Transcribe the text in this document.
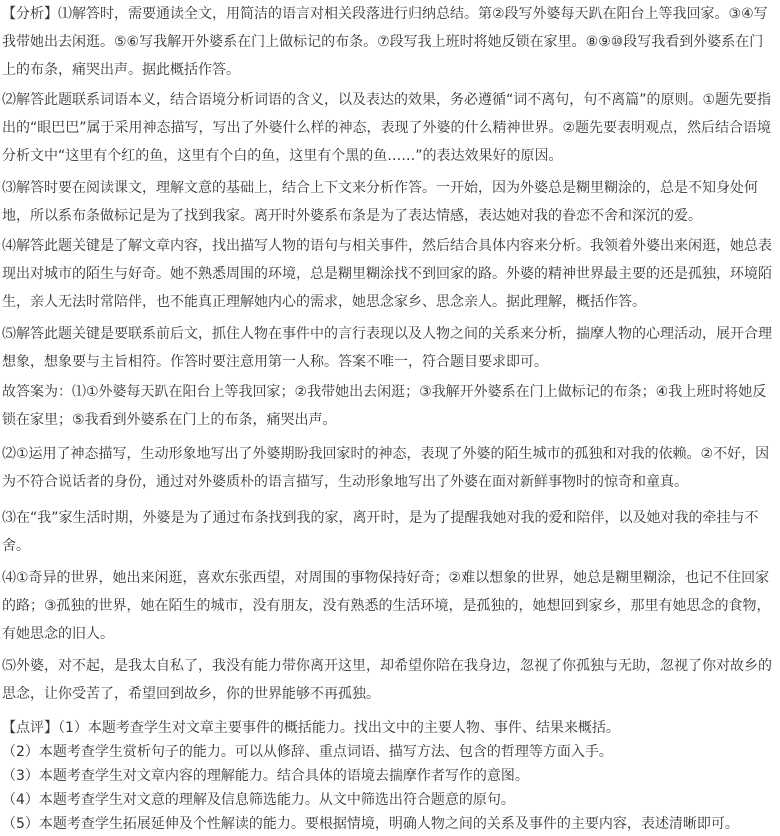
【分析】⑴解答时，需要通读全文，用简洁的语言对相关段落进行归纳总结。第②段写外婆每天趴在阳台上等我回家。③④写我带她出去闲逛。⑤⑥写我解开外婆系在门上做标记的布条。⑦段写我上班时将她反锁在家里。⑧⑨⑩段写我看到外婆系在门上的布条，痛哭出声。据此概括作答。

⑵解答此题联系词语本义，结合语境分析词语的含义，以及表达的效果，务必遵循“词不离句，句不离篇”的原则。①题先要指出的“眼巴巴”属于采用神态描写，写出了外婆什么样的神态，表现了外婆的什么精神世界。②题先要表明观点，然后结合语境分析文中“这里有个红的鱼，这里有个白的鱼，这里有个黑的鱼……”的表达效果好的原因。

⑶解答时要在阅读课文，理解文意的基础上，结合上下文来分析作答。一开始，因为外婆总是糊里糊涂的，总是不知身处何地，所以系布条做标记是为了找到我家。离开时外婆系布条是为了表达情感，表达她对我的眷恋不舍和深沉的爱。

⑷解答此题关键是了解文章内容，找出描写人物的语句与相关事件，然后结合具体内容来分析。我领着外婆出来闲逛，她总表现出对城市的陌生与好奇。她不熟悉周围的环境，总是糊里糊涂找不到回家的路。外婆的精神世界最主要的还是孤独，环境陌生，亲人无法时常陪伴，也不能真正理解她内心的需求，她思念家乡、思念亲人。据此理解，概括作答。

⑸解答此题关键是要联系前后文，抓住人物在事件中的言行表现以及人物之间的关系来分析，揣摩人物的心理活动，展开合理想象，想象要与主旨相符。作答时要注意用第一人称。答案不唯一，符合题目要求即可。

故答案为：⑴①外婆每天趴在阳台上等我回家；②我带她出去闲逛；③我解开外婆系在门上做标记的布条；④我上班时将她反锁在家里；⑤我看到外婆系在门上的布条，痛哭出声。

⑵①运用了神态描写，生动形象地写出了外婆期盼我回家时的神态，表现了外婆的陌生城市的孤独和对我的依赖。②不好，因为不符合说话者的身份，通过对外婆质朴的语言描写，生动形象地写出了外婆在面对新鲜事物时的惊奇和童真。

⑶在“我”家生活时期，外婆是为了通过布条找到我的家，离开时，是为了提醒我她对我的爱和陪伴，以及她对我的牵挂与不舍。

⑷①奇异的世界，她出来闲逛，喜欢东张西望，对周围的事物保持好奇；②难以想象的世界，她总是糊里糊涂，也记不住回家的路；③孤独的世界，她在陌生的城市，没有朋友，没有熟悉的生活环境，是孤独的，她想回到家乡，那里有她思念的食物，有她思念的旧人。

⑸外婆，对不起，是我太自私了，我没有能力带你离开这里，却希望你陪在我身边，忽视了你孤独与无助，忽视了你对故乡的思念，让你受苦了，希望回到故乡，你的世界能够不再孤独。

【点评】（1）本题考查学生对文章主要事件的概括能力。找出文中的主要人物、事件、结果来概括。

（2）本题考查学生赏析句子的能力。可以从修辞、重点词语、描写方法、包含的哲理等方面入手。

（3）本题考查学生对文章内容的理解能力。结合具体的语境去揣摩作者写作的意图。

（4）本题考查学生对文意的理解及信息筛选能力。从文中筛选出符合题意的原句。

（5）本题考查学生拓展延伸及个性解读的能力。要根据情境，明确人物之间的关系及事件的主要内容，表述清晰即可。
